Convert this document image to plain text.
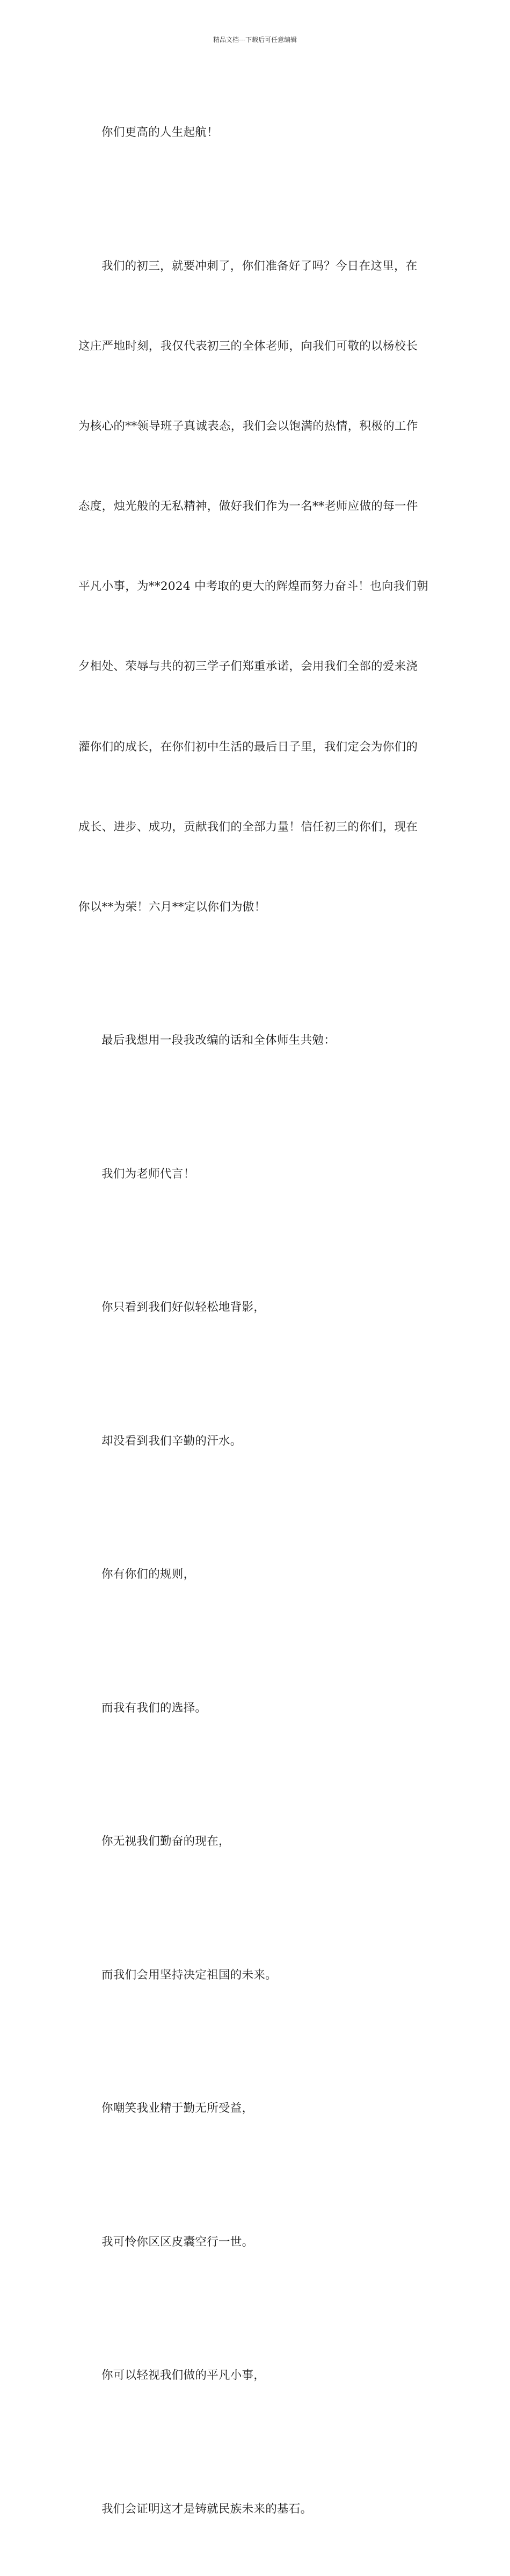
精品文档---下载后可任意编辑

你们更高的人生起航！

我们的初三，就要冲刺了，你们准备好了吗？今日在这里，在

这庄严地时刻，我仅代表初三的全体老师，向我们可敬的以杨校长

为核心的**领导班子真诚表态，我们会以饱满的热情，积极的工作

态度，烛光般的无私精神，做好我们作为一名**老师应做的每一件

平凡小事，为**2024 中考取的更大的辉煌而努力奋斗！也向我们朝

夕相处、荣辱与共的初三学子们郑重承诺，会用我们全部的爱来浇

灌你们的成长，在你们初中生活的最后日子里，我们定会为你们的

成长、进步、成功，贡献我们的全部力量！信任初三的你们，现在

你以**为荣！六月**定以你们为傲！

最后我想用一段我改编的话和全体师生共勉：

我们为老师代言！

你只看到我们好似轻松地背影，

却没看到我们辛勤的汗水。

你有你们的规则，

而我有我们的选择。

你无视我们勤奋的现在，

而我们会用坚持决定祖国的未来。

你嘲笑我业精于勤无所受益，

我可怜你区区皮囊空行一世。

你可以轻视我们做的平凡小事，

我们会证明这才是铸就民族未来的基石。
